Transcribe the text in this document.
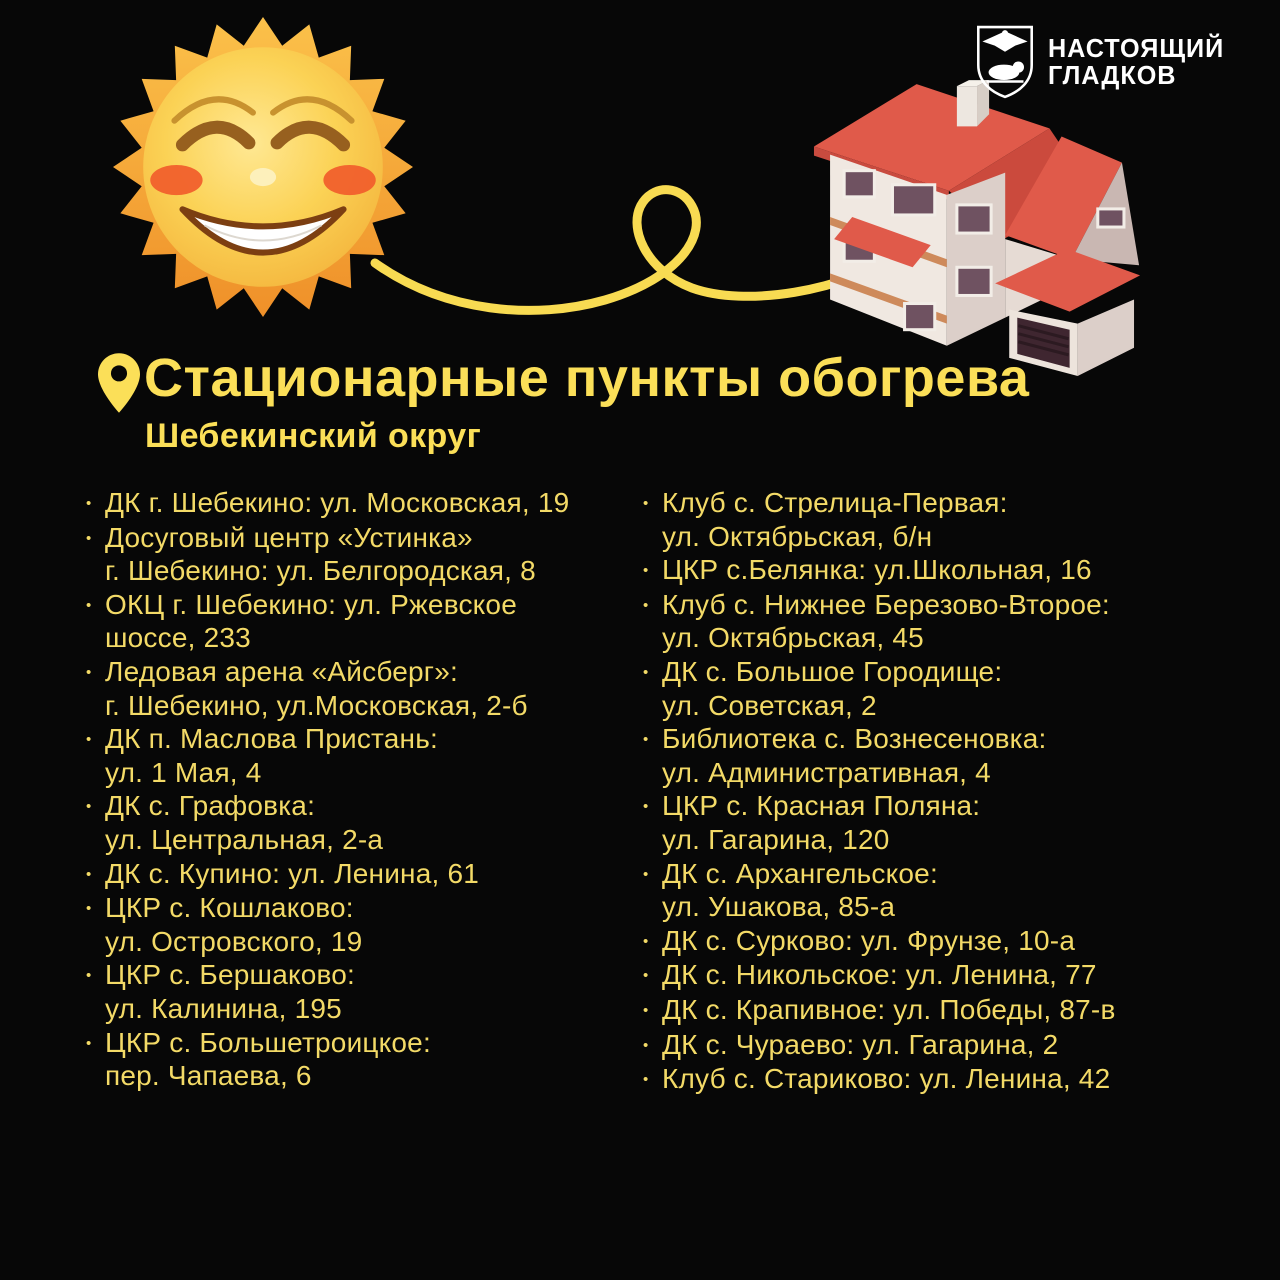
НАСТОЯЩИЙ
ГЛАДКОВ
Стационарные пункты обогрева
Шебекинский округ
• ДК г. Шебекино: ул. Московская, 19
• Досуговый центр «Устинка»
г. Шебекино: ул. Белгородская, 8
• ОКЦ г. Шебекино: ул. Ржевское
шоссе, 233
• Ледовая арена «Айсберг»:
г. Шебекино, ул.Московская, 2-б
• ДК п. Маслова Пристань:
ул. 1 Мая, 4
• ДК с. Графовка:
ул. Центральная, 2-а
• ДК с. Купино: ул. Ленина, 61
• ЦКР с. Кошлаково:
ул. Островского, 19
• ЦКР с. Бершаково:
ул. Калинина, 195
• ЦКР с. Большетроицкое:
пер. Чапаева, 6
• Клуб с. Стрелица-Первая:
ул. Октябрьская, б/н
• ЦКР с.Белянка: ул.Школьная, 16
• Клуб с. Нижнее Березово-Второе:
ул. Октябрьская, 45
• ДК с. Большое Городище:
ул. Советская, 2
• Библиотека с. Вознесеновка:
ул. Административная, 4
• ЦКР с. Красная Поляна:
ул. Гагарина, 120
• ДК с. Архангельское:
ул. Ушакова, 85-а
• ДК с. Сурково: ул. Фрунзе, 10-а
• ДК с. Никольское: ул. Ленина, 77
• ДК с. Крапивное: ул. Победы, 87-в
• ДК с. Чураево: ул. Гагарина, 2
• Клуб с. Стариково: ул. Ленина, 42
